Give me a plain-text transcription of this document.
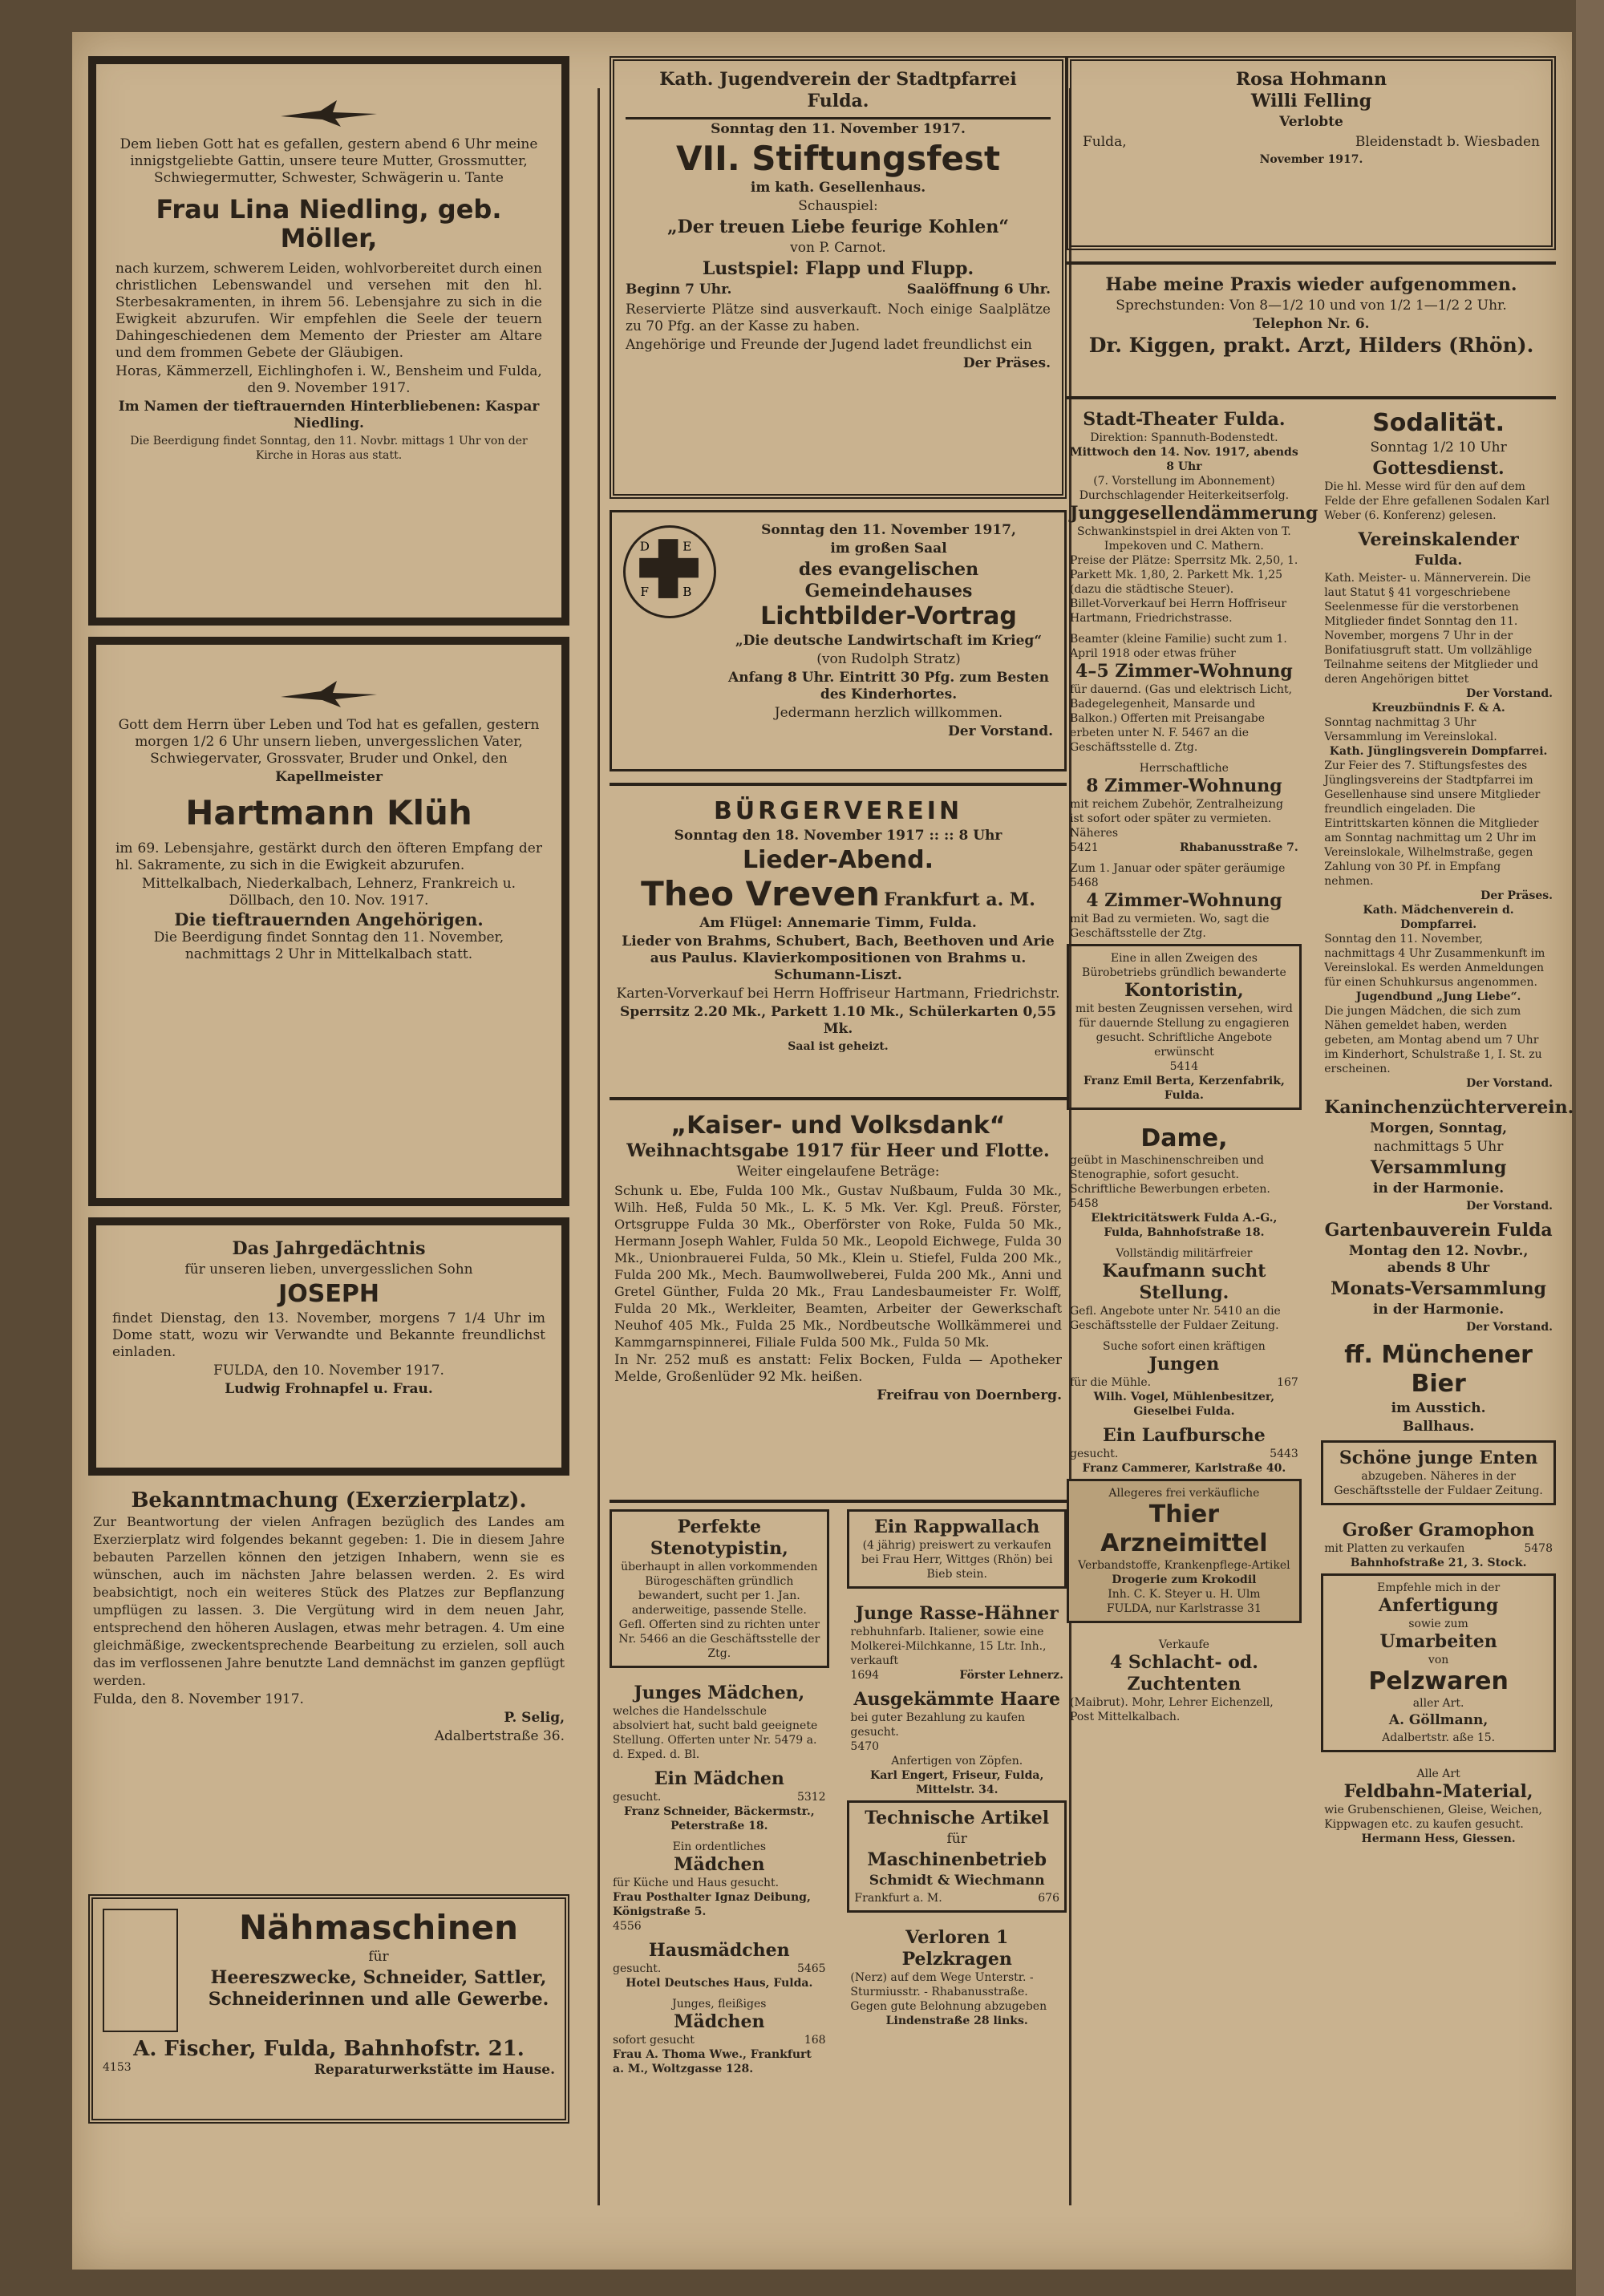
Dem lieben Gott hat es gefallen, gestern abend 6 Uhr meine innigstgeliebte Gattin, unsere teure Mutter, Grossmutter, Schwiegermutter, Schwester, Schwägerin u. Tante
Frau Lina Niedling, geb. Möller,
nach kurzem, schwerem Leiden, wohlvorbereitet durch einen christlichen Lebenswandel und versehen mit den hl. Sterbesakramenten, in ihrem 56. Lebensjahre zu sich in die Ewigkeit abzurufen. Wir empfehlen die Seele der teuern Dahingeschiedenen dem Memento der Priester am Altare und dem frommen Gebete der Gläubigen.
Horas, Kämmerzell, Eichlinghofen i. W., Bensheim und Fulda, den 9. November 1917.
Im Namen der tieftrauernden Hinterbliebenen: Kaspar Niedling.
Die Beerdigung findet Sonntag, den 11. Novbr. mittags 1 Uhr von der Kirche in Horas aus statt.
Gott dem Herrn über Leben und Tod hat es gefallen, gestern morgen 1/2 6 Uhr unsern lieben, unvergesslichen Vater, Schwiegervater, Grossvater, Bruder und Onkel, den
Kapellmeister
Hartmann Klüh
im 69. Lebensjahre, gestärkt durch den öfteren Empfang der hl. Sakramente, zu sich in die Ewigkeit abzurufen.
Mittelkalbach, Niederkalbach, Lehnerz, Frankreich u. Döllbach, den 10. Nov. 1917.
Die tieftrauernden Angehörigen.
Die Beerdigung findet Sonntag den 11. November, nachmittags 2 Uhr in Mittelkalbach statt.
Das Jahrgedächtnis
für unseren lieben, unvergesslichen Sohn
JOSEPH
findet Dienstag, den 13. November, morgens 7 1/4 Uhr im Dome statt, wozu wir Verwandte und Bekannte freundlichst einladen.
FULDA, den 10. November 1917.
Ludwig Frohnapfel u. Frau.
Bekanntmachung (Exerzierplatz).
Zur Beantwortung der vielen Anfragen bezüglich des Landes am Exerzierplatz wird folgendes bekannt gegeben: 1. Die in diesem Jahre bebauten Parzellen können den jetzigen Inhabern, wenn sie es wünschen, auch im nächsten Jahre belassen werden. 2. Es wird beabsichtigt, noch ein weiteres Stück des Platzes zur Bepflanzung umpflügen zu lassen. 3. Die Vergütung wird in dem neuen Jahr, entsprechend den höheren Auslagen, etwas mehr betragen. 4. Um eine gleichmäßige, zweckentsprechende Bearbeitung zu erzielen, soll auch das im verflossenen Jahre benutzte Land demnächst im ganzen gepflügt werden.
Fulda, den 8. November 1917.
P. Selig,
Adalbertstraße 36.
Nähmaschinen
für
Heereszwecke, Schneider, Sattler,
Schneiderinnen und alle Gewerbe.
A. Fischer, Fulda, Bahnhofstr. 21.
4153	Reparaturwerkstätte im Hause.
Kath. Jugendverein der Stadtpfarrei Fulda.
Sonntag den 11. November 1917.
VII. Stiftungsfest
im kath. Gesellenhaus.
Schauspiel:
„Der treuen Liebe feurige Kohlen“
von P. Carnot.
Lustspiel: Flapp und Flupp.
Beginn 7 Uhr.	Saalöffnung 6 Uhr.
Reservierte Plätze sind ausverkauft. Noch einige Saalplätze zu 70 Pfg. an der Kasse zu haben.
Angehörige und Freunde der Jugend ladet freundlichst ein
Der Präses.
D	E
F	B
Sonntag den 11. November 1917,
im großen Saal
des evangelischen Gemeindehauses
Lichtbilder-Vortrag
„Die deutsche Landwirtschaft im Krieg“
(von Rudolph Stratz)
Anfang 8 Uhr. Eintritt 30 Pfg. zum Besten des Kinderhortes.
Jedermann herzlich willkommen.
Der Vorstand.
BÜRGERVEREIN
Sonntag den 18. November 1917 :: :: 8 Uhr
Lieder-Abend.
Theo Vreven Frankfurt a. M.
Am Flügel: Annemarie Timm, Fulda.
Lieder von Brahms, Schubert, Bach, Beethoven und Arie aus Paulus. Klavierkompositionen von Brahms u. Schumann-Liszt.
Karten-Vorverkauf bei Herrn Hoffriseur Hartmann, Friedrichstr.
Sperrsitz 2.20 Mk., Parkett 1.10 Mk., Schülerkarten 0,55 Mk.
Saal ist geheizt.
„Kaiser- und Volksdank“
Weihnachtsgabe 1917 für Heer und Flotte.
Weiter eingelaufene Beträge:
Schunk u. Ebe, Fulda 100 Mk., Gustav Nußbaum, Fulda 30 Mk., Wilh. Heß, Fulda 50 Mk., L. K. 5 Mk. Ver. Kgl. Preuß. Förster, Ortsgruppe Fulda 30 Mk., Oberförster von Roke, Fulda 50 Mk., Hermann Joseph Wahler, Fulda 50 Mk., Leopold Eichwege, Fulda 30 Mk., Unionbrauerei Fulda, 50 Mk., Klein u. Stiefel, Fulda 200 Mk., Fulda 200 Mk., Mech. Baumwollweberei, Fulda 200 Mk., Anni und Gretel Günther, Fulda 20 Mk., Frau Landesbaumeister Fr. Wolff, Fulda 20 Mk., Werkleiter, Beamten, Arbeiter der Gewerkschaft Neuhof 405 Mk., Fulda 25 Mk., Nordbeutsche Wollkämmerei und Kammgarnspinnerei, Filiale Fulda 500 Mk., Fulda 50 Mk.
In Nr. 252 muß es anstatt: Felix Bocken, Fulda — Apotheker Melde, Großenlüder 92 Mk. heißen.
Freifrau von Doernberg.
Perfekte Stenotypistin,
überhaupt in allen vorkommenden Bürogeschäften gründlich bewandert, sucht per 1. Jan. anderweitige, passende Stelle. Gefl. Offerten sind zu richten unter Nr. 5466 an die Geschäftsstelle der Ztg.
Junges Mädchen,
welches die Handelsschule absolviert hat, sucht bald geeignete Stellung. Offerten unter Nr. 5479 a. d. Exped. d. Bl.
Ein Mädchen
gesucht.	5312
Franz Schneider, Bäckermstr., Peterstraße 18.
Ein ordentliches
Mädchen
für Küche und Haus gesucht.
Frau Posthalter Ignaz Deibung, Königstraße 5.
4556
Hausmädchen
gesucht.	5465
Hotel Deutsches Haus, Fulda.
Junges, fleißiges
Mädchen
sofort gesucht	168
Frau A. Thoma Wwe., Frankfurt a. M., Woltzgasse 128.
Ein Rappwallach
(4 jährig) preiswert zu verkaufen bei Frau Herr, Wittges (Rhön) bei Bieb stein.
Junge Rasse-Hähner
rebhuhnfarb. Italiener, sowie eine Molkerei-Milchkanne, 15 Ltr. Inh., verkauft
1694	Förster Lehnerz.
Ausgekämmte Haare
bei guter Bezahlung zu kaufen gesucht.
5470
Anfertigen von Zöpfen.
Karl Engert, Friseur, Fulda, Mittelstr. 34.
Technische Artikel
für
Maschinenbetrieb
Schmidt & Wiechmann
Frankfurt a. M.	676
Verloren 1 Pelzkragen
(Nerz) auf dem Wege Unterstr. - Sturmiusstr. - Rhabanusstraße. Gegen gute Belohnung abzugeben
Lindenstraße 28 links.
Rosa Hohmann
Willi Felling
Verlobte
Fulda,	Bleidenstadt b. Wiesbaden
November 1917.
Habe meine Praxis wieder aufgenommen.
Sprechstunden: Von 8—1/2 10 und von 1/2 1—1/2 2 Uhr.
Telephon Nr. 6.
Dr. Kiggen, prakt. Arzt, Hilders (Rhön).
Stadt-Theater Fulda.
Direktion: Spannuth-Bodenstedt.
Mittwoch den 14. Nov. 1917, abends 8 Uhr
(7. Vorstellung im Abonnement) Durchschlagender Heiterkeitserfolg.
Junggesellendämmerung
Schwankinstspiel in drei Akten von T. Impekoven und C. Mathern.
Preise der Plätze: Sperrsitz Mk. 2,50, 1. Parkett Mk. 1,80, 2. Parkett Mk. 1,25 (dazu die städtische Steuer).
Billet-Vorverkauf bei Herrn Hoffriseur Hartmann, Friedrichstrasse.
Beamter (kleine Familie) sucht zum 1. April 1918 oder etwas früher
4–5 Zimmer-Wohnung
für dauernd. (Gas und elektrisch Licht, Badegelegenheit, Mansarde und Balkon.) Offerten mit Preisangabe erbeten unter N. F. 5467 an die Geschäftsstelle d. Ztg.
Herrschaftliche
8 Zimmer-Wohnung
mit reichem Zubehör, Zentralheizung ist sofort oder später zu vermieten. Näheres
5421	Rhabanusstraße 7.
Zum 1. Januar oder später geräumige
5468
4 Zimmer-Wohnung
mit Bad zu vermieten. Wo, sagt die Geschäftsstelle der Ztg.
Eine in allen Zweigen des Bürobetriebs gründlich bewanderte
Kontoristin,
mit besten Zeugnissen versehen, wird für dauernde Stellung zu engagieren gesucht. Schriftliche Angebote erwünscht
5414
Franz Emil Berta, Kerzenfabrik, Fulda.
Dame,
geübt in Maschinenschreiben und Stenographie, sofort gesucht. Schriftliche Bewerbungen erbeten.
5458
Elektricitätswerk Fulda A.-G., Fulda, Bahnhofstraße 18.
Vollständig militärfreier
Kaufmann sucht Stellung.
Gefl. Angebote unter Nr. 5410 an die Geschäftsstelle der Fuldaer Zeitung.
Suche sofort einen kräftigen
Jungen
für die Mühle.	167
Wilh. Vogel, Mühlenbesitzer, Gieselbei Fulda.
Ein Laufbursche
gesucht.	5443
Franz Cammerer, Karlstraße 40.
Allegeres frei verkäufliche
Thier Arzneimittel
Verbandstoffe, Krankenpflege-Artikel
Drogerie zum Krokodil
Inh. C. K. Steyer u. H. Ulm
FULDA, nur Karlstrasse 31
Verkaufe
4 Schlacht- od. Zuchtenten
(Maibrut). Mohr, Lehrer Eichenzell, Post Mittelkalbach.
Sodalität.
Sonntag 1/2 10 Uhr
Gottesdienst.
Die hl. Messe wird für den auf dem Felde der Ehre gefallenen Sodalen Karl Weber (6. Konferenz) gelesen.
Vereinskalender
Fulda.
Kath. Meister- u. Männerverein. Die laut Statut § 41 vorgeschriebene Seelenmesse für die verstorbenen Mitglieder findet Sonntag den 11. November, morgens 7 Uhr in der Bonifatiusgruft statt. Um vollzählige Teilnahme seitens der Mitglieder und deren Angehörigen bittet
Der Vorstand.
Kreuzbündnis F. & A.
Sonntag nachmittag 3 Uhr Versammlung im Vereinslokal.
Kath. Jünglingsverein Dompfarrei.
Zur Feier des 7. Stiftungsfestes des Jünglingsvereins der Stadtpfarrei im Gesellenhause sind unsere Mitglieder freundlich eingeladen. Die Eintrittskarten können die Mitglieder am Sonntag nachmittag um 2 Uhr im Vereinslokale, Wilhelmstraße, gegen Zahlung von 30 Pf. in Empfang nehmen.
Der Präses.
Kath. Mädchenverein d. Dompfarrei.
Sonntag den 11. November, nachmittags 4 Uhr Zusammenkunft im Vereinslokal. Es werden Anmeldungen für einen Schuhkursus angenommen.
Jugendbund „Jung Liebe“.
Die jungen Mädchen, die sich zum Nähen gemeldet haben, werden gebeten, am Montag abend um 7 Uhr im Kinderhort, Schulstraße 1, I. St. zu erscheinen.
Der Vorstand.
Kaninchenzüchterverein.
Morgen, Sonntag,
nachmittags 5 Uhr
Versammlung
in der Harmonie.
Der Vorstand.
Gartenbauverein Fulda
Montag den 12. Novbr., abends 8 Uhr
Monats-Versammlung
in der Harmonie.
Der Vorstand.
ff. Münchener Bier
im Ausstich.
Ballhaus.
Schöne junge Enten
abzugeben. Näheres in der Geschäftsstelle der Fuldaer Zeitung.
Großer Gramophon
mit Platten zu verkaufen	5478
Bahnhofstraße 21, 3. Stock.
Empfehle mich in der
Anfertigung
sowie zum
Umarbeiten
von
Pelzwaren
aller Art.
A. Göllmann,
Adalbertstr. aße 15.
Alle Art
Feldbahn-Material,
wie Grubenschienen, Gleise, Weichen, Kippwagen etc. zu kaufen gesucht.
Hermann Hess, Giessen.
